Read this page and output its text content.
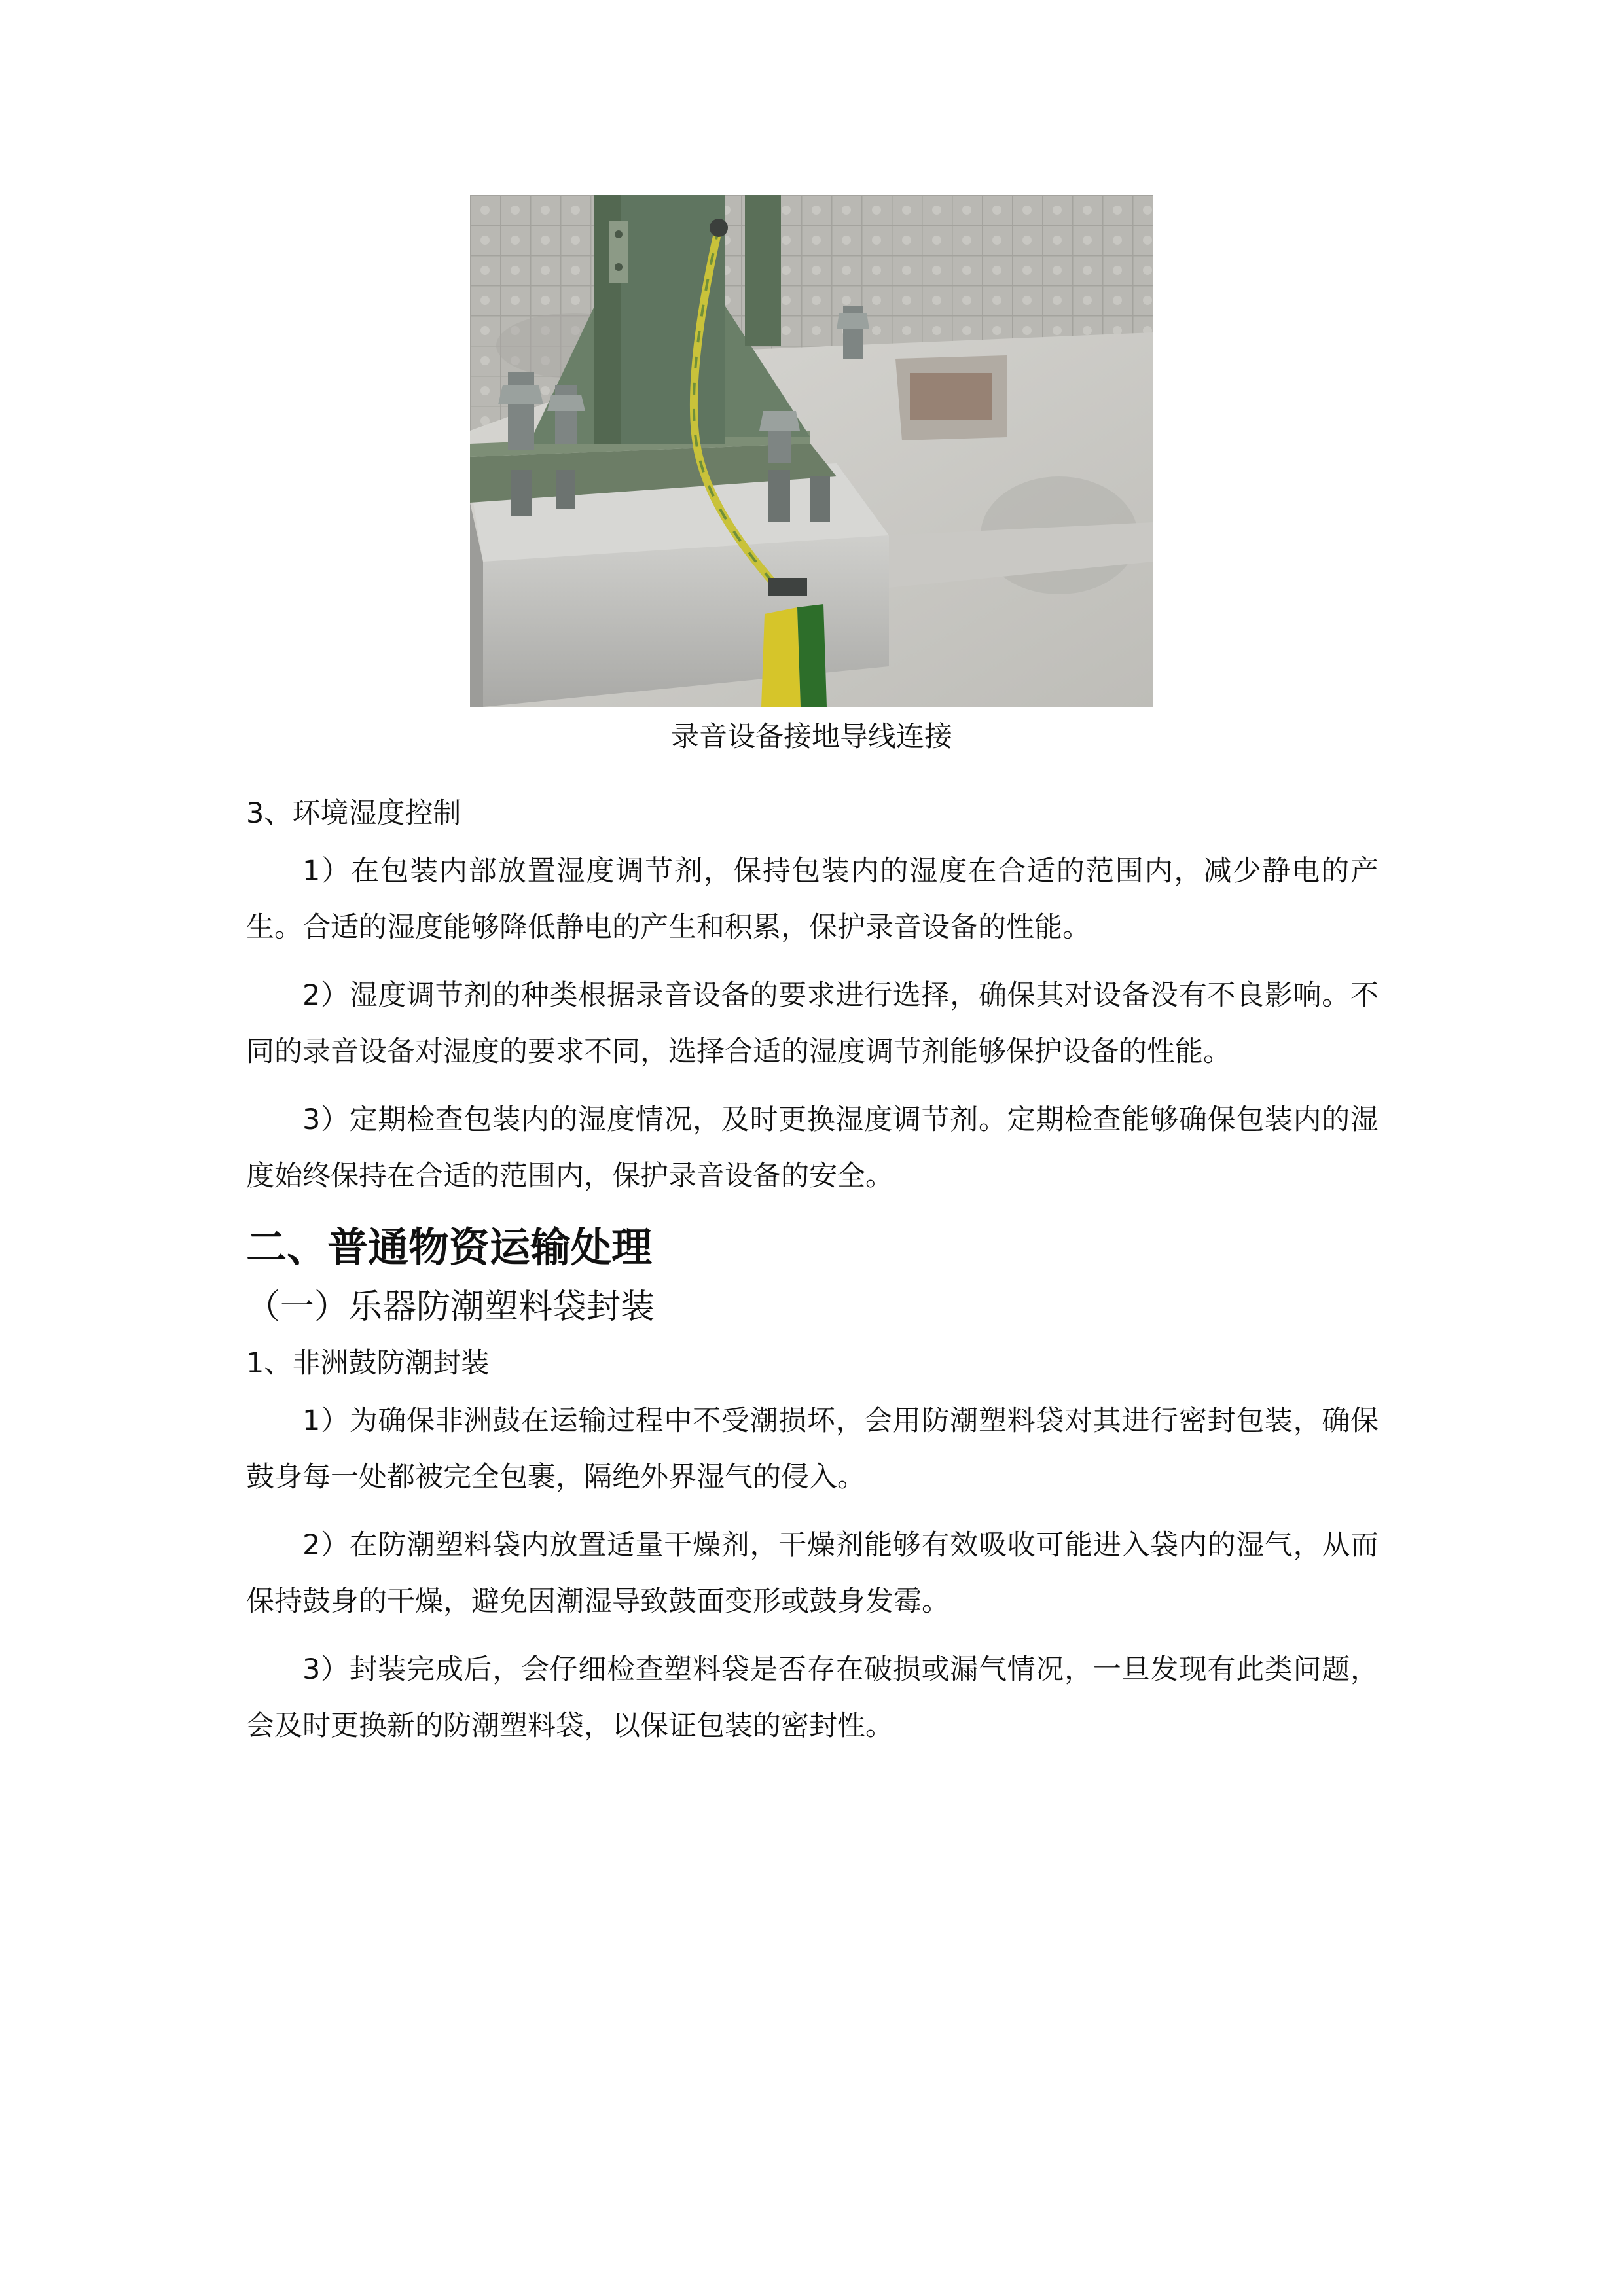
录音设备接地导线连接
3、环境湿度控制

1）在包装内部放置湿度调节剂，保持包装内的湿度在合适的范围内，减少静电的产生。合适的湿度能够降低静电的产生和积累，保护录音设备的性能。

2）湿度调节剂的种类根据录音设备的要求进行选择，确保其对设备没有不良影响。不同的录音设备对湿度的要求不同，选择合适的湿度调节剂能够保护设备的性能。

3）定期检查包装内的湿度情况，及时更换湿度调节剂。定期检查能够确保包装内的湿度始终保持在合适的范围内，保护录音设备的安全。

二、普通物资运输处理
（一）乐器防潮塑料袋封装
1、非洲鼓防潮封装

1）为确保非洲鼓在运输过程中不受潮损坏，会用防潮塑料袋对其进行密封包装，确保鼓身每一处都被完全包裹，隔绝外界湿气的侵入。

2）在防潮塑料袋内放置适量干燥剂，干燥剂能够有效吸收可能进入袋内的湿气，从而保持鼓身的干燥，避免因潮湿导致鼓面变形或鼓身发霉。

3）封装完成后，会仔细检查塑料袋是否存在破损或漏气情况，一旦发现有此类问题，会及时更换新的防潮塑料袋，以保证包装的密封性。
